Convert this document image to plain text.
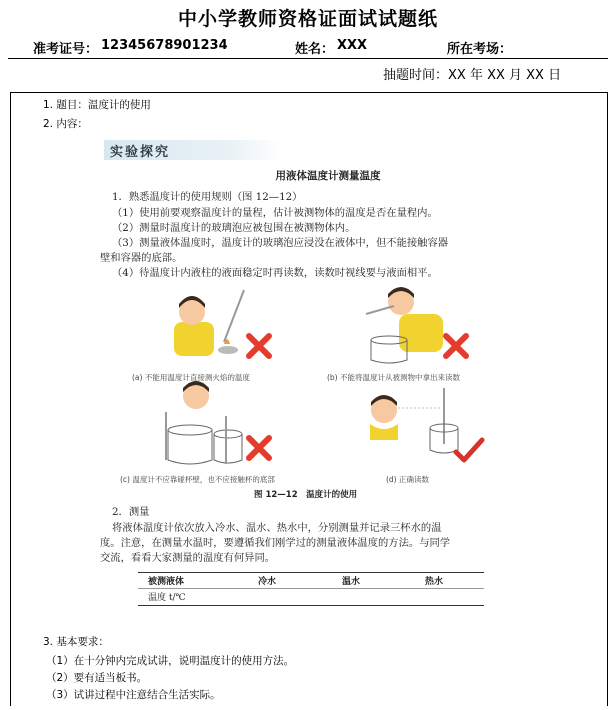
中小学教师资格证面试试题纸
准考证号： 12345678901234	姓名： XXX	所在考场：
抽题时间：XX 年 XX 月 XX 日
1. 题目：温度计的使用
2. 内容：
实验探究
用液体温度计测量温度
1．熟悉温度计的使用规则（图 12—12）
（1）使用前要观察温度计的量程，估计被测物体的温度是否在量程内。
（2）测量时温度计的玻璃泡应被包围在被测物体内。
（3）测量液体温度时，温度计的玻璃泡应浸没在液体中，但不能接触容器
壁和容器的底部。
（4）待温度计内液柱的液面稳定时再读数，读数时视线要与液面相平。
(a) 不能用温度计直接测火焰的温度	(b) 不能将温度计从被测物中拿出来读数
(c) 温度计不应靠碰杯壁，也不应接触杯的底部	(d) 正确读数
图 12—12　温度计的使用
2．测量
将液体温度计依次放入冷水、温水、热水中，分别测量并记录三杯水的温
度。注意，在测量水温时，要遵循我们刚学过的测量液体温度的方法。与同学
交流，看看大家测量的温度有何异同。
被测液体	冷水	温水	热水
温度 t/℃
3. 基本要求：
（1）在十分钟内完成试讲，说明温度计的使用方法。
（2）要有适当板书。
（3）试讲过程中注意结合生活实际。
